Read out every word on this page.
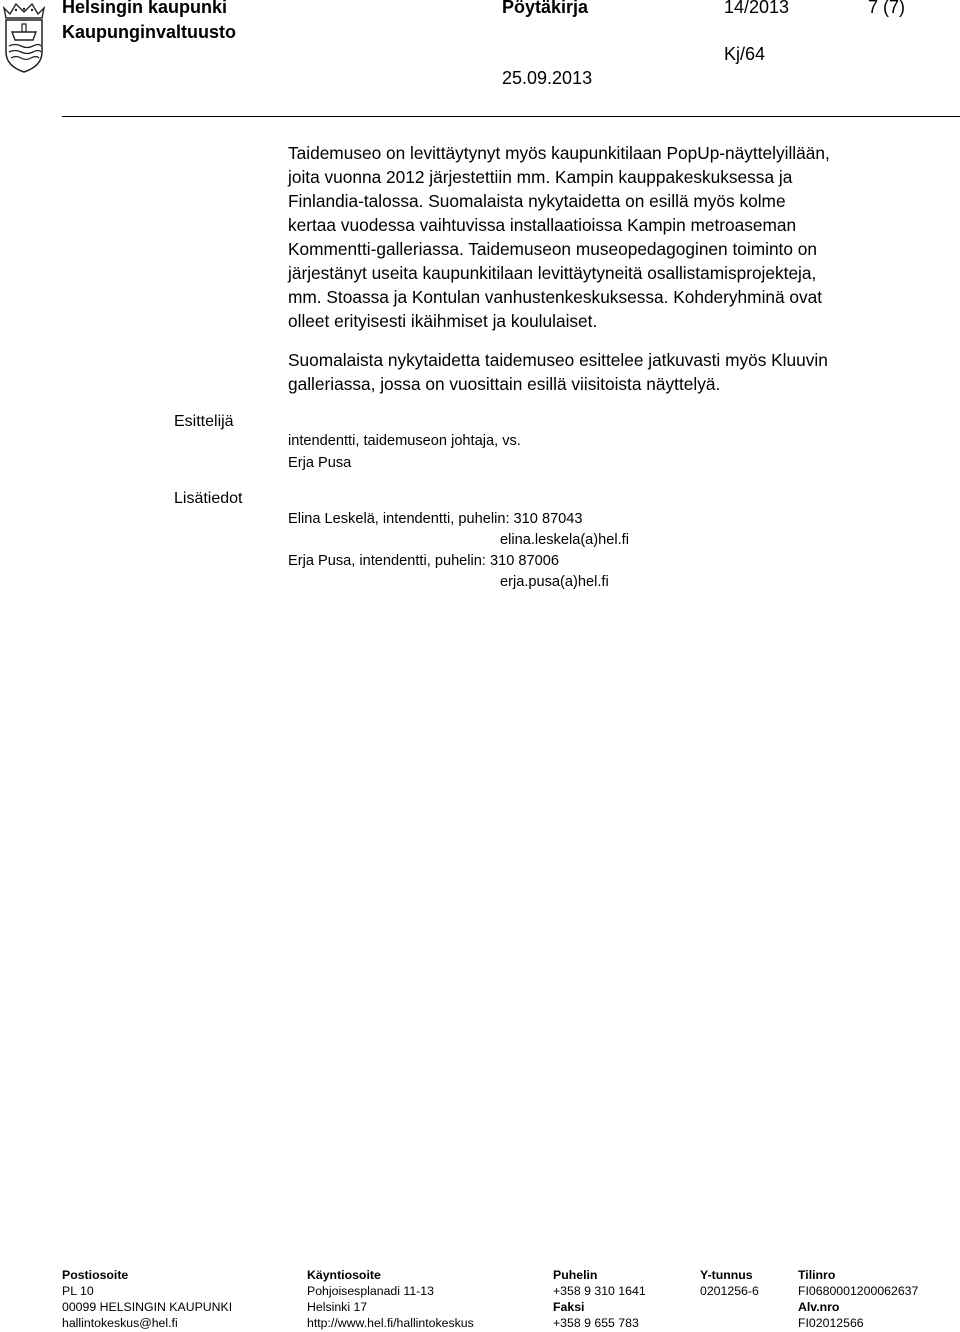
Helsingin kaupunki
Kaupunginvaltuusto
Pöytäkirja	14/2013	7 (7)
Kj/64
25.09.2013
Taidemuseo on levittäytynyt myös kaupunkitilaan PopUp-näyttelyillään,
joita vuonna 2012 järjestettiin mm. Kampin kauppakeskuksessa ja
Finlandia-talossa. Suomalaista nykytaidetta on esillä myös kolme
kertaa vuodessa vaihtuvissa installaatioissa Kampin metroaseman
Kommentti-galleriassa. Taidemuseon museopedagoginen toiminto on
järjestänyt useita kaupunkitilaan levittäytyneitä osallistamisprojekteja,
mm. Stoassa ja Kontulan vanhustenkeskuksessa. Kohderyhminä ovat
olleet erityisesti ikäihmiset ja koululaiset.
Suomalaista nykytaidetta taidemuseo esittelee jatkuvasti myös Kluuvin
galleriassa, jossa on vuosittain esillä viisitoista näyttelyä.
Esittelijä
intendentti, taidemuseon johtaja, vs.
Erja Pusa
Lisätiedot
Elina Leskelä, intendentti, puhelin: 310 87043
elina.leskela(a)hel.fi
Erja Pusa, intendentti, puhelin: 310 87006
erja.pusa(a)hel.fi
Postiosoite
PL 10
00099 HELSINGIN KAUPUNKI
hallintokeskus@hel.fi
Käyntiosoite
Pohjoisesplanadi 11-13
Helsinki 17
http://www.hel.fi/hallintokeskus
Puhelin
+358 9 310 1641
Faksi
+358 9 655 783
Y-tunnus
0201256-6
Tilinro
FI0680001200062637
Alv.nro
FI02012566
